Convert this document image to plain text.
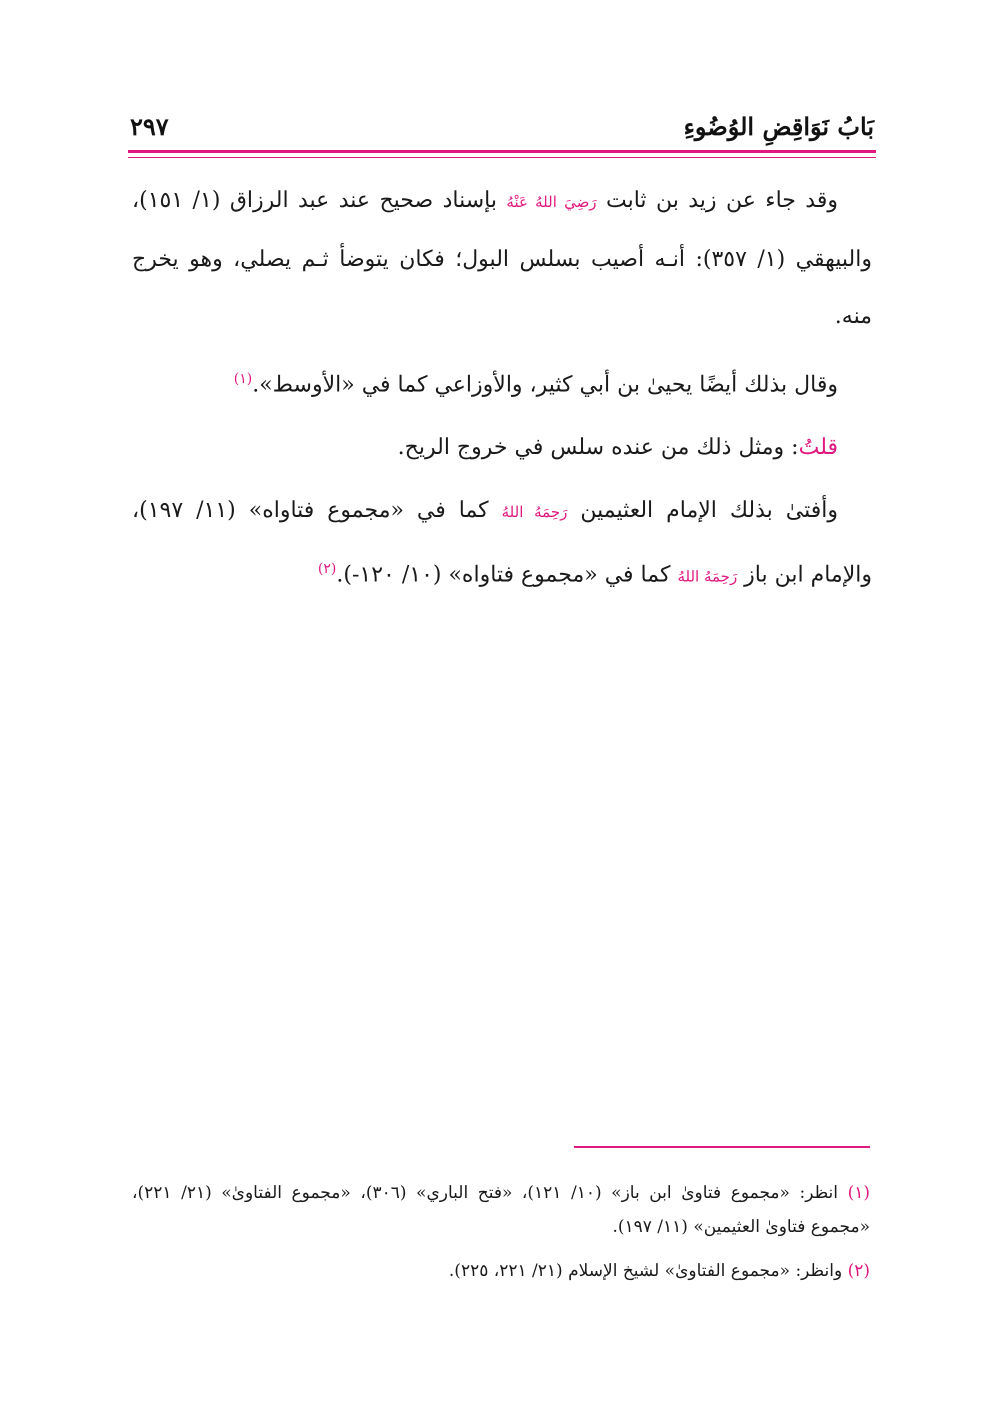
بَابُ نَوَاقِضِ الوُضُوءِ
٢٩٧

وقد جاء عن زيد بن ثابت رَضِيَ اللهُ عَنْهُ بإسناد صحيح عند عبد الرزاق (١/ ١٥١)، والبيهقي (١/ ٣٥٧): أنـه أصيب بسلس البول؛ فكان يتوضأ ثـم يصلي، وهو يخرج منه.

وقال بذلك أيضًا يحيىٰ بن أبي كثير، والأوزاعي كما في «الأوسط».$^{(١)}$

قلتُ: ومثل ذلك من عنده سلس في خروج الريح.

وأفتىٰ بذلك الإمام العثيمين رَحِمَهُ اللهُ كما في «مجموع فتاواه» (١١/ ١٩٧)، والإمام ابن باز رَحِمَهُ اللهُ كما في «مجموع فتاواه» (١٠/ ١٢٠-).$^{(٢)}$

(١) انظر: «مجموع فتاوىٰ ابن باز» (١٠/ ١٢١)، «فتح الباري» (٣٠٦)، «مجموع الفتاوىٰ» (٢١/ ٢٢١)، «مجموع فتاوىٰ العثيمين» (١١/ ١٩٧).

(٢) وانظر: «مجموع الفتاوىٰ» لشيخ الإسلام (٢١/ ٢٢١، ٢٢٥).
